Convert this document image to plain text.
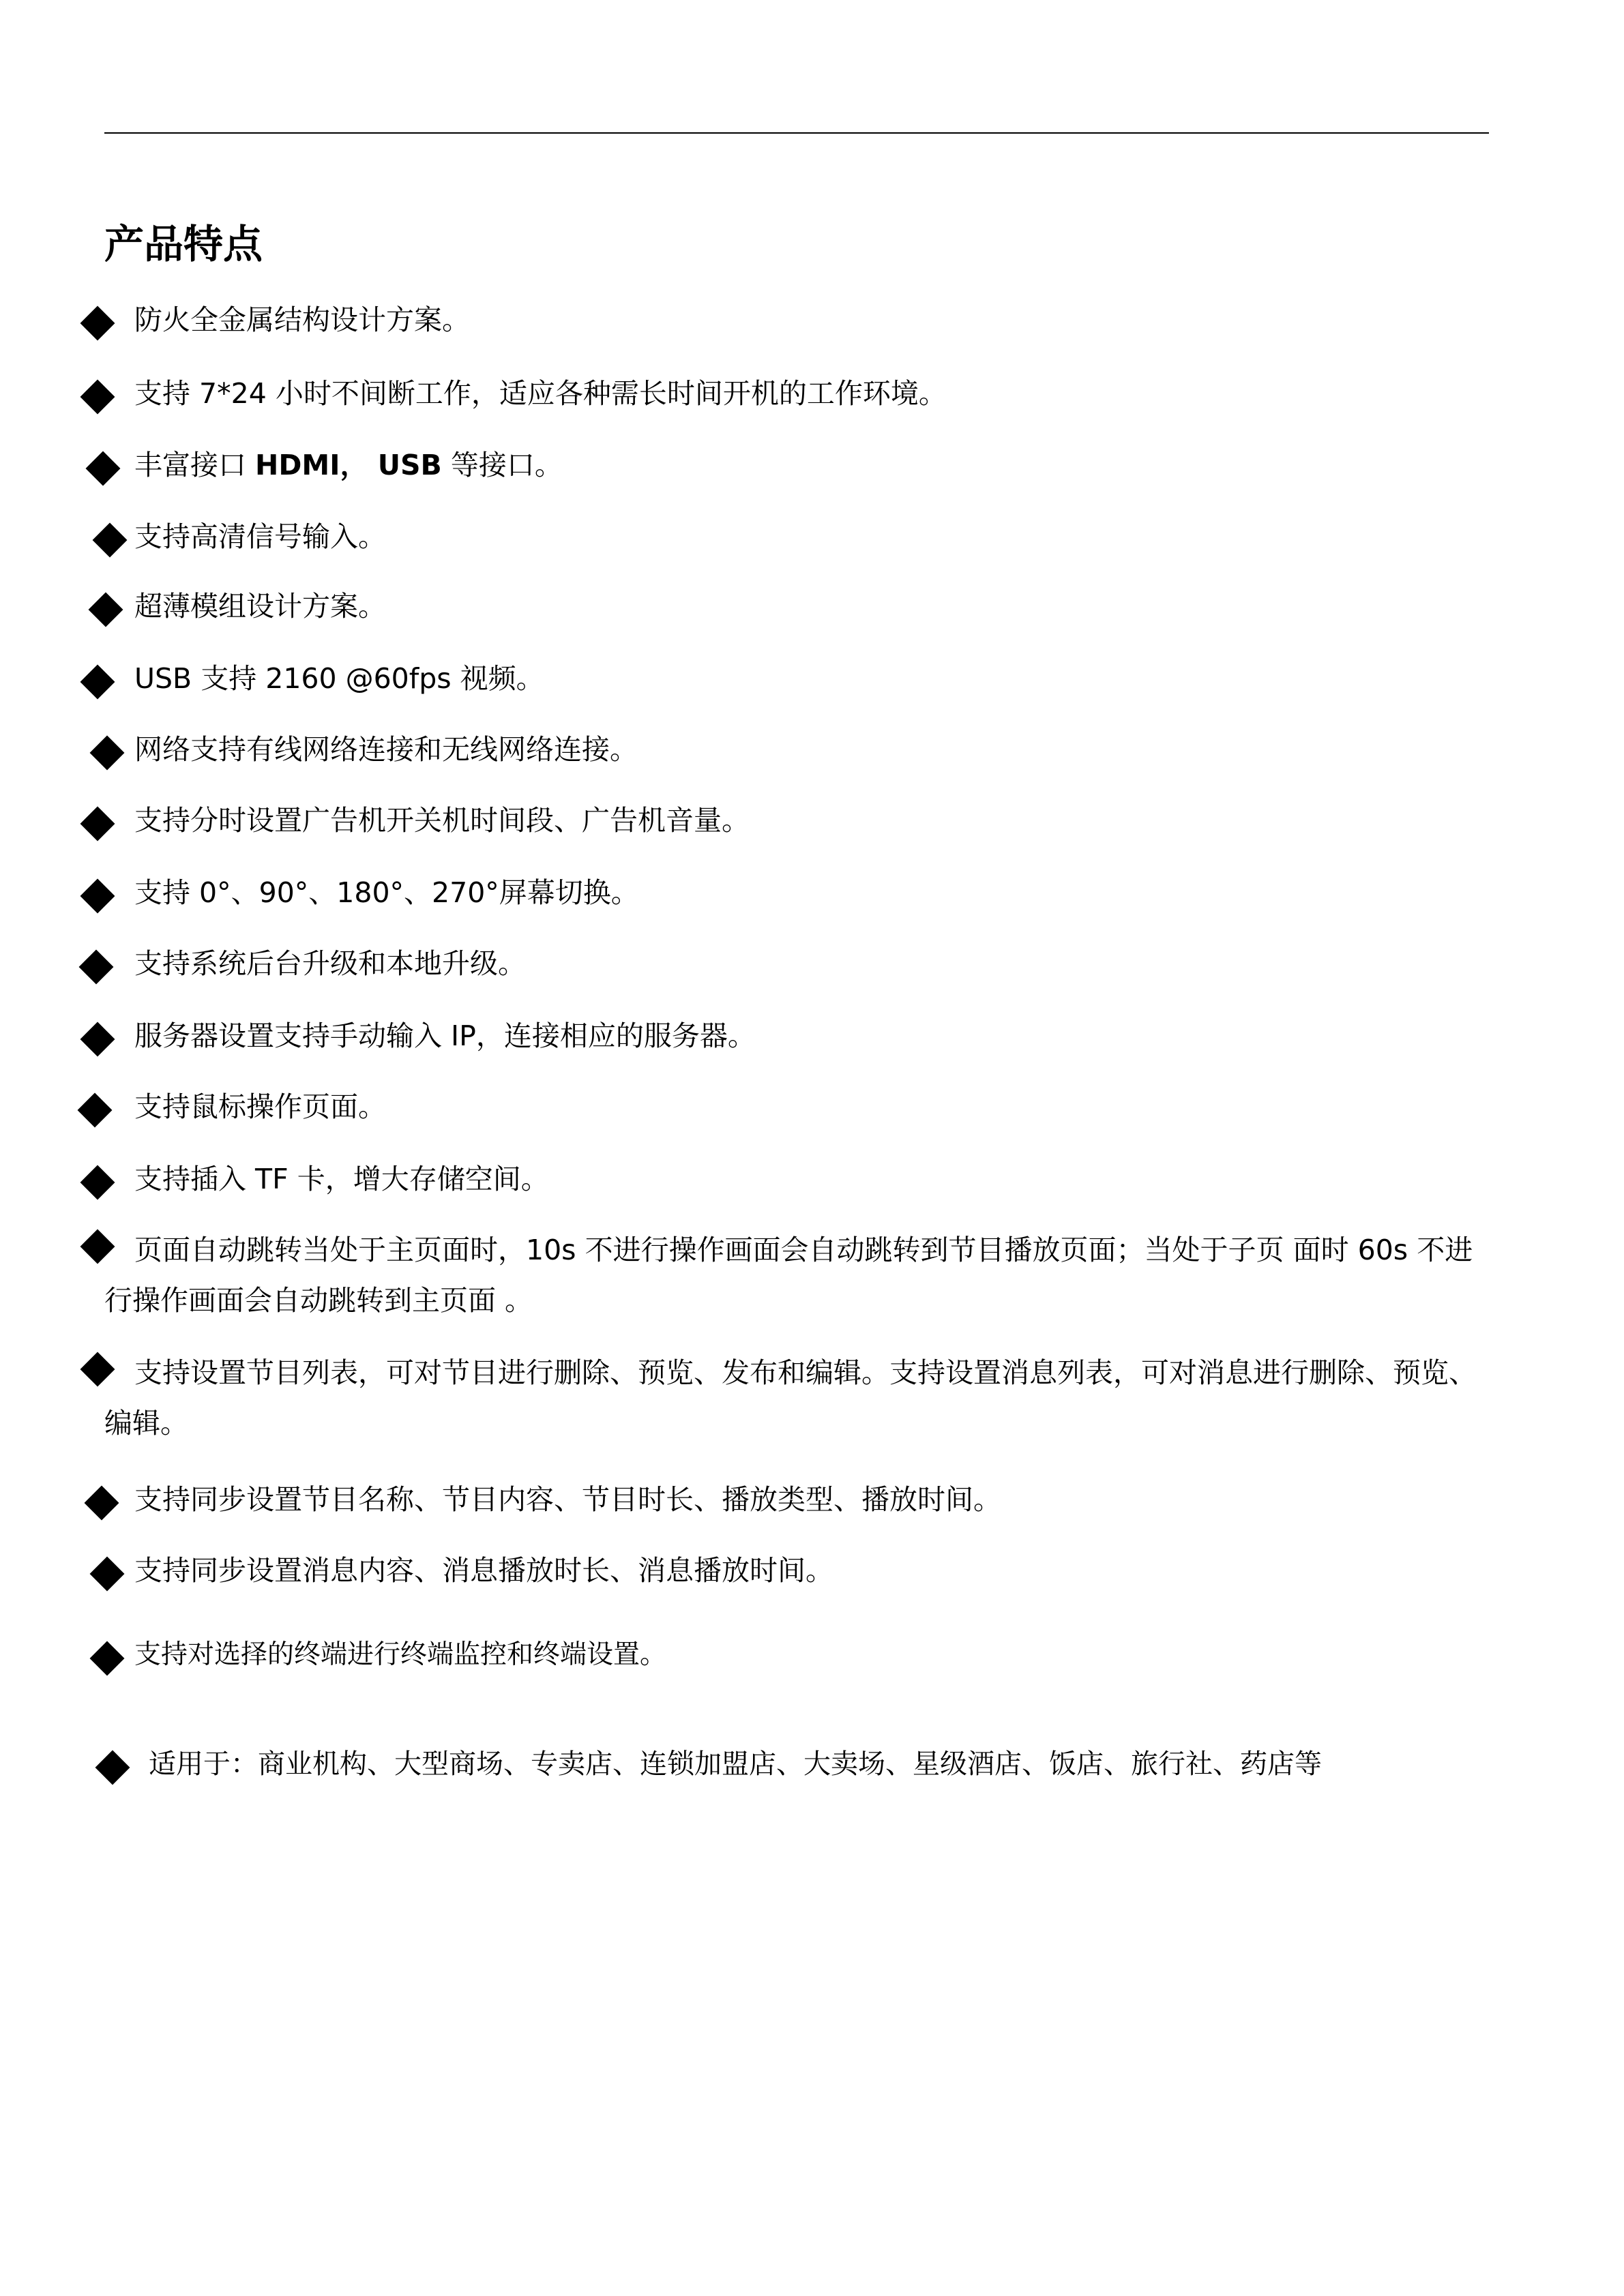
产品特点
防火全金属结构设计方案。
支持 7*24 小时不间断工作，适应各种需长时间开机的工作环境。
丰富接口 HDMI， USB 等接口。
支持高清信号输入。
超薄模组设计方案。
USB 支持 2160 @60fps 视频。
网络支持有线网络连接和无线网络连接。
支持分时设置广告机开关机时间段、广告机音量。
支持 0°、90°、180°、270°屏幕切换。
支持系统后台升级和本地升级。
服务器设置支持手动输入 IP，连接相应的服务器。
支持鼠标操作页面。
支持插入 TF 卡，增大存储空间。
页面自动跳转当处于主页面时，10s 不进行操作画面会自动跳转到节目播放页面；当处于子页 面时 60s 不进行操作画面会自动跳转到主页面 。
支持设置节目列表，可对节目进行删除、预览、发布和编辑。支持设置消息列表，可对消息进行删除、预览、编辑。
支持同步设置节目名称、节目内容、节目时长、播放类型、播放时间。
支持同步设置消息内容、消息播放时长、消息播放时间。
支持对选择的终端进行终端监控和终端设置。
适用于：商业机构、大型商场、专卖店、连锁加盟店、大卖场、星级酒店、饭店、旅行社、药店等
